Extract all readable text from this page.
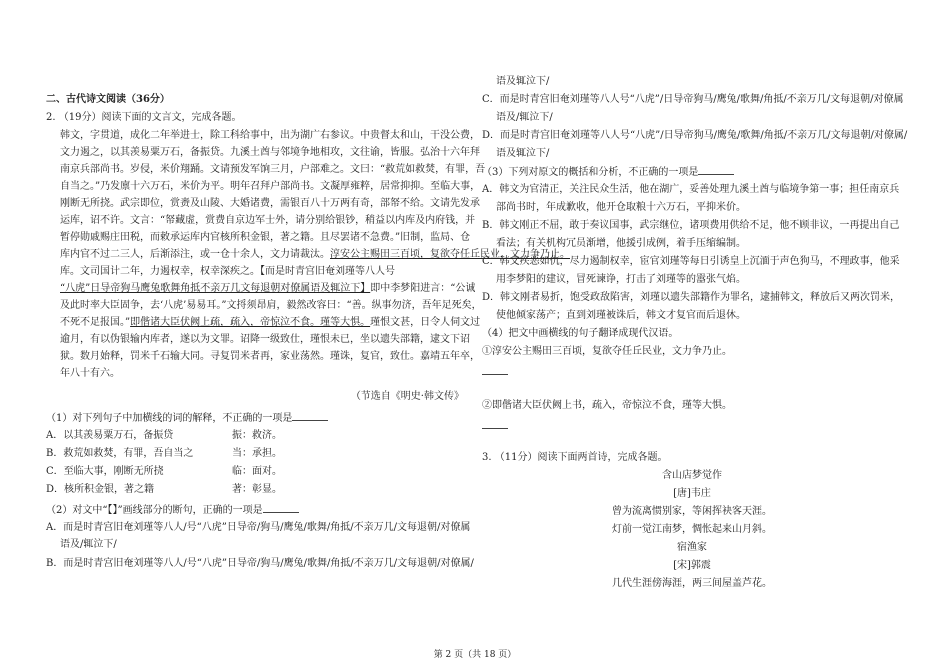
二、古代诗文阅读（36分）
2. （19分）阅读下面的文言文，完成各题。
韩文，字贯道，成化二年举进士，除工科给事中，出为湖广右参议。中贵督太和山，干没公费，
文力遏之，以其羡易粟万石，备振贷。九溪土酋与邻境争地相攻，文往谕，皆服。弘治十六年拜
南京兵部尚书。岁侵，米价翔踊。文请预发军饷三月，户部难之。文曰：“救荒如救焚，有罪，吾
自当之。”乃发廪十六万石，米价为平。明年召拜户部尚书。文凝厚雍粹，居常抑抑。至临大事，
刚断无所挠。武宗即位，赏赉及山陵、大婚诸费，需银百八十万两有奇，部帑不给。文请先发承
运库，诏不许。文言：“帑藏虚，赏费自京边军士外，请分别给银钞，稍益以内库及内府钱，并
暂停勋戚赐庄田税，而敕承运库内官核所积金银，著之籍。且尽罢诸不急费。”旧制，监局、仓
库内官不过二三人，后渐添注，或一仓十余人，文力请裁汰。淳安公主赐田三百顷，复欲夺任丘民业，文力争乃止。
库。文司国计二年，力遏权幸，权幸深疾之。【而是时青宫旧奄刘瑾等八人号
“八虎”日导帝狗马鹰兔歌舞角抵不亲万几文每退朝对僚属语及辄泣下】即中李梦阳进言：“公诚
及此时率大臣固争，去‘八虎’易易耳。”文捋须昂肩，毅然改容曰：“善。纵事勿济，吾年足死矣，
不死不足报国。”即偕诸大臣伏阙上疏，疏入，帝惊泣不食。瑾等大惧。瑾恨文甚，日令人伺文过
逾月，有以伪银输内库者，遂以为文罪。诏降一级致仕，瑾恨未已，坐以遗失部籍，逮文下诏
狱。数月始释，罚米千石输大同。寻复罚米者再，家业荡然。瑾诛，复官，致仕。嘉靖五年卒，
年八十有六。
（节选自《明史·韩文传》
（1）对下列句子中加横线的词的解释，不正确的一项是
A．以其羡易粟万石，备振贷	振：救济。
B．救荒如救焚，有罪，吾自当之	当：承担。
C．至临大事，刚断无所挠	临：面对。
D．核所积金银，著之籍	著：彰显。
（2）对文中“【】”画线部分的断句，正确的一项是
A．而是时青宫旧奄刘瑾等八人/号“八虎”日导帝/狗马/鹰兔/歌舞/角抵/不亲万几/文每退朝/对僚属
语及/辄泣下/
B．而是时青宫旧奄刘瑾等八人/号“八虎”日导帝/狗马/鹰兔/歌舞/角抵/不亲万几/文每退朝/对僚属/
语及辄泣下/
C．而是时青宫旧奄刘瑾等八人号“八虎”/日导帝狗马/鹰兔/歌舞/角抵/不亲万几/文每退朝/对僚属
语及/辄泣下/
D．而是时青宫旧奄刘瑾等八人号“八虎”/日导帝狗马/鹰兔/歌舞/角抵/不亲万几/文每退朝/对僚属/
语及辄泣下/
（3）下列对原文的概括和分析，不正确的一项是
A．韩文为官清正，关注民众生活，他在湖广，妥善处理九溪土酋与临境争第一事；担任南京兵
部尚书时，年成歉收，他开仓取粮十六万石，平抑米价。
B．韩文刚正不屈，敢于奏议国事，武宗继位，诸项费用供给不足，他不顾非议，一再提出自己
看法；有关机构冗员渐增，他援引成例，着手压缩编制。
C．韩文疾恶如仇，尽力遏制权幸，宦官刘瑾等每日引诱皇上沉湎于声色狗马，不理政事，他采
用李梦阳的建议，冒死谏诤，打击了刘瑾等的嚣张气焰。
D．韩文刚者易折，饱受政敌陷害，刘瑾以遗失部籍作为罪名，逮捕韩文，释放后又两次罚米，
使他倾家荡产；直到刘瑾被诛后，韩文才复官而后退休。
（4）把文中画横线的句子翻译成现代汉语。
①淳安公主赐田三百顷，复欲夺任丘民业，文力争乃止。
②即偕诸大臣伏阙上书，疏入，帝惊泣不食，瑾等大惧。
3. （11分）阅读下面两首诗，完成各题。
含山店梦觉作
[唐]韦庄
曾为流离惯别家，等闲挥袂客天涯。
灯前一觉江南梦，惆怅起来山月斜。
宿渔家
[宋]郭震
几代生涯傍海涯，两三间屋盖芦花。
第 2 页（共 18 页）
